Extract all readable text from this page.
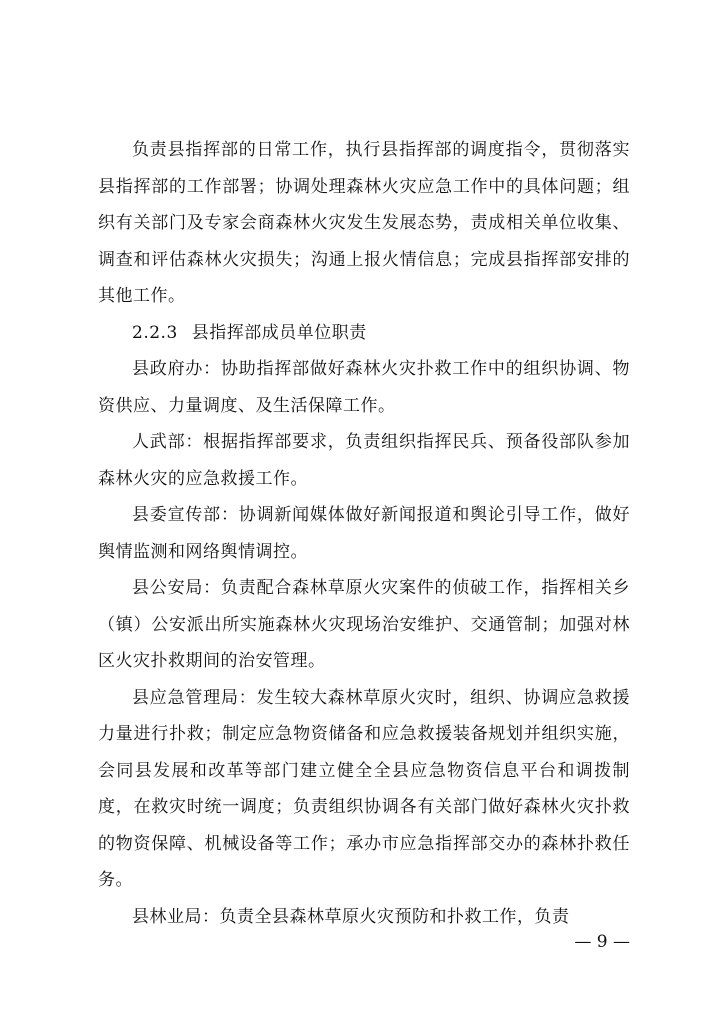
负责县指挥部的日常工作，执行县指挥部的调度指令，贯彻落实县指挥部的工作部署；协调处理森林火灾应急工作中的具体问题；组织有关部门及专家会商森林火灾发生发展态势，责成相关单位收集、调查和评估森林火灾损失；沟通上报火情信息；完成县指挥部安排的其他工作。

2.2.3 县指挥部成员单位职责

县政府办：协助指挥部做好森林火灾扑救工作中的组织协调、物资供应、力量调度、及生活保障工作。

人武部：根据指挥部要求，负责组织指挥民兵、预备役部队参加森林火灾的应急救援工作。

县委宣传部：协调新闻媒体做好新闻报道和舆论引导工作，做好舆情监测和网络舆情调控。

县公安局：负责配合森林草原火灾案件的侦破工作，指挥相关乡（镇）公安派出所实施森林火灾现场治安维护、交通管制；加强对林区火灾扑救期间的治安管理。

县应急管理局：发生较大森林草原火灾时，组织、协调应急救援力量进行扑救；制定应急物资储备和应急救援装备规划并组织实施，会同县发展和改革等部门建立健全全县应急物资信息平台和调拨制度，在救灾时统一调度；负责组织协调各有关部门做好森林火灾扑救的物资保障、机械设备等工作；承办市应急指挥部交办的森林扑救任务。

县林业局：负责全县森林草原火灾预防和扑救工作，负责

— 9 —
